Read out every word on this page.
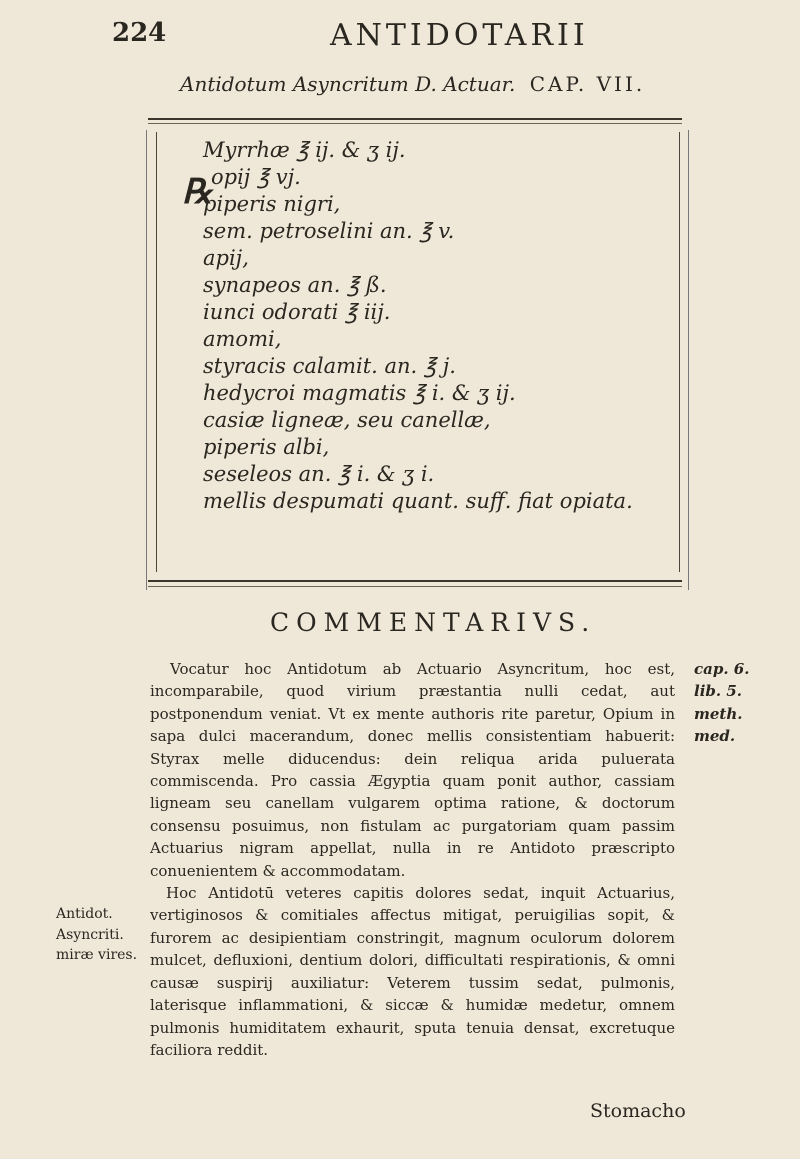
224	ANTIDOTARII
Antidotum Asyncritum D. Actuar. CAP. VII.
℞
Myrrhæ ℥ ij. & ʒ ij.
opij ℥ vj.
piperis nigri,
sem. petroselini an. ℥ v.
apij,
synapeos an. ℥ ß.
iunci odorati ℥ iij.
amomi,
styracis calamit. an. ℥ j.
hedycroi magmatis ℥ i. & ʒ ij.
casiæ ligneæ, seu canellæ,
piperis albi,
seseleos an. ℥ i. & ʒ i.
mellis despumati quant. suff. fiat opiata.
COMMENTARIVS.

Vocatur hoc Antidotum ab Actuario Asyncritum, hoc est, incomparabile, quod virium præstantia nulli cedat, aut postponendum veniat. Vt ex mente authoris rite paretur, Opium in sapa dulci macerandum, donec mellis consistentiam habuerit: Styrax melle diducendus: dein reliqua arida puluerata commiscenda. Pro cassia Ægyptia quam ponit author, cassiam ligneam seu canellam vulgarem optima ratione, & doctorum consensu posuimus, non fistulam ac purgatoriam quam passim Actuarius nigram appellat, nulla in re Antidoto præscripto conuenientem & accommodatam.

Hoc Antidotū veteres capitis dolores sedat, inquit Actuarius, vertiginosos & comitiales affectus mitigat, peruigilias sopit, & furorem ac desipientiam constringit, magnum oculorum dolorem mulcet, defluxioni, dentium dolori, difficultati respirationis, & omni causæ suspirij auxiliatur: Veterem tussim sedat, pulmonis, laterisque inflammationi, & siccæ & humidæ medetur, omnem pulmonis humiditatem exhaurit, sputa tenuia densat, excretuque faciliora reddit.

cap. 6.
lib. 5.
meth.
med.
Antidot.
Asyncriti.
miræ vires.
Stomacho
